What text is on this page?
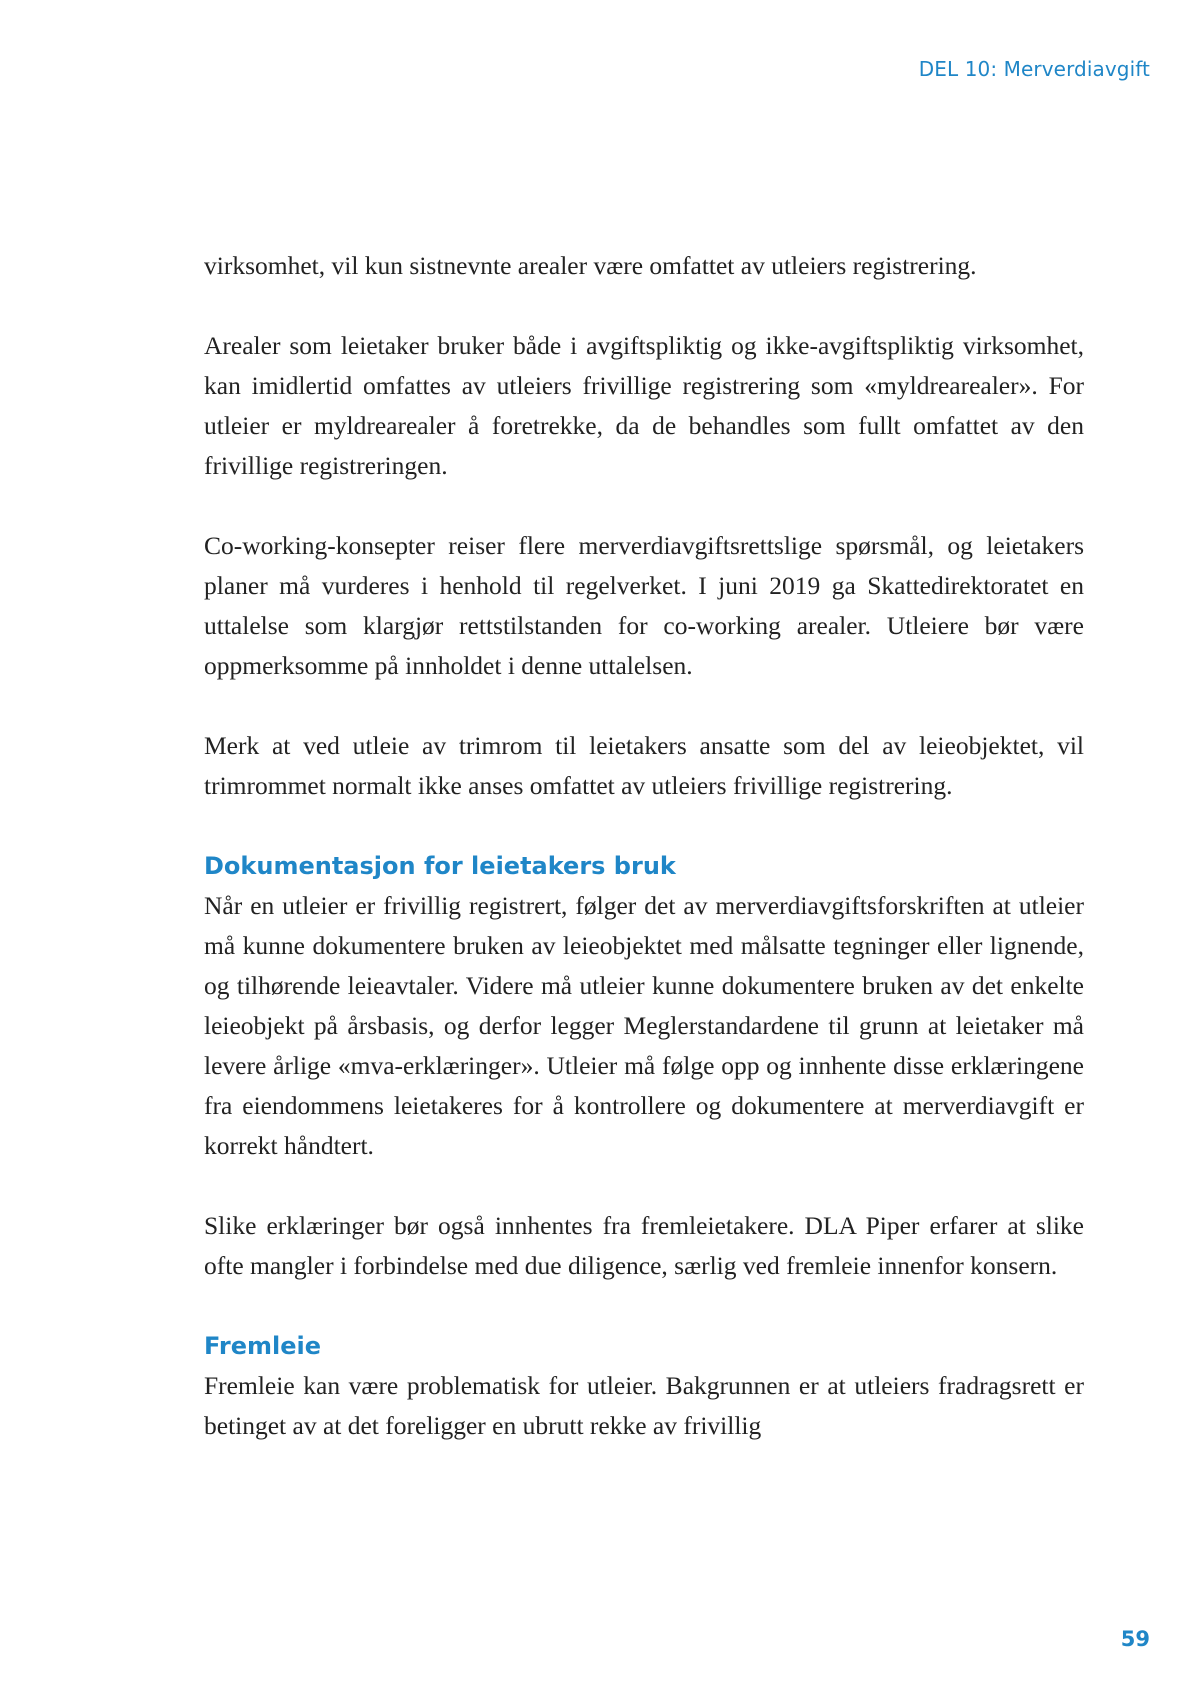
DEL 10: Merverdiavgift

virksomhet, vil kun sistnevnte arealer være omfattet av utleiers registrering.

Arealer som leietaker bruker både i avgiftspliktig og ikke-avgiftspliktig virksomhet, kan imidlertid omfattes av utleiers frivillige registrering som «myldrearealer». For utleier er myldrearealer å foretrekke, da de behandles som fullt omfattet av den frivillige registreringen.

Co-working-konsepter reiser flere merverdiavgiftsrettslige spørsmål, og leietakers planer må vurderes i henhold til regelverket. I juni 2019 ga Skattedirektoratet en uttalelse som klargjør rettstilstanden for co-working arealer. Utleiere bør være oppmerksomme på innholdet i denne uttalelsen.

Merk at ved utleie av trimrom til leietakers ansatte som del av leieobjektet, vil trimrommet normalt ikke anses omfattet av utleiers frivillige registrering.

Dokumentasjon for leietakers bruk

Når en utleier er frivillig registrert, følger det av merverdiavgiftsforskriften at utleier må kunne dokumentere bruken av leieobjektet med målsatte tegninger eller lignende, og tilhørende leieavtaler. Videre må utleier kunne dokumentere bruken av det enkelte leieobjekt på årsbasis, og derfor legger Meglerstandardene til grunn at leietaker må levere årlige «mva-erklæringer». Utleier må følge opp og innhente disse erklæringene fra eiendommens leietakeres for å kontrollere og dokumentere at merverdiavgift er korrekt håndtert.

Slike erklæringer bør også innhentes fra fremleietakere. DLA Piper erfarer at slike ofte mangler i forbindelse med due diligence, særlig ved fremleie innenfor konsern.

Fremleie

Fremleie kan være problematisk for utleier. Bakgrunnen er at utleiers fradragsrett er betinget av at det foreligger en ubrutt rekke av frivillig

59
